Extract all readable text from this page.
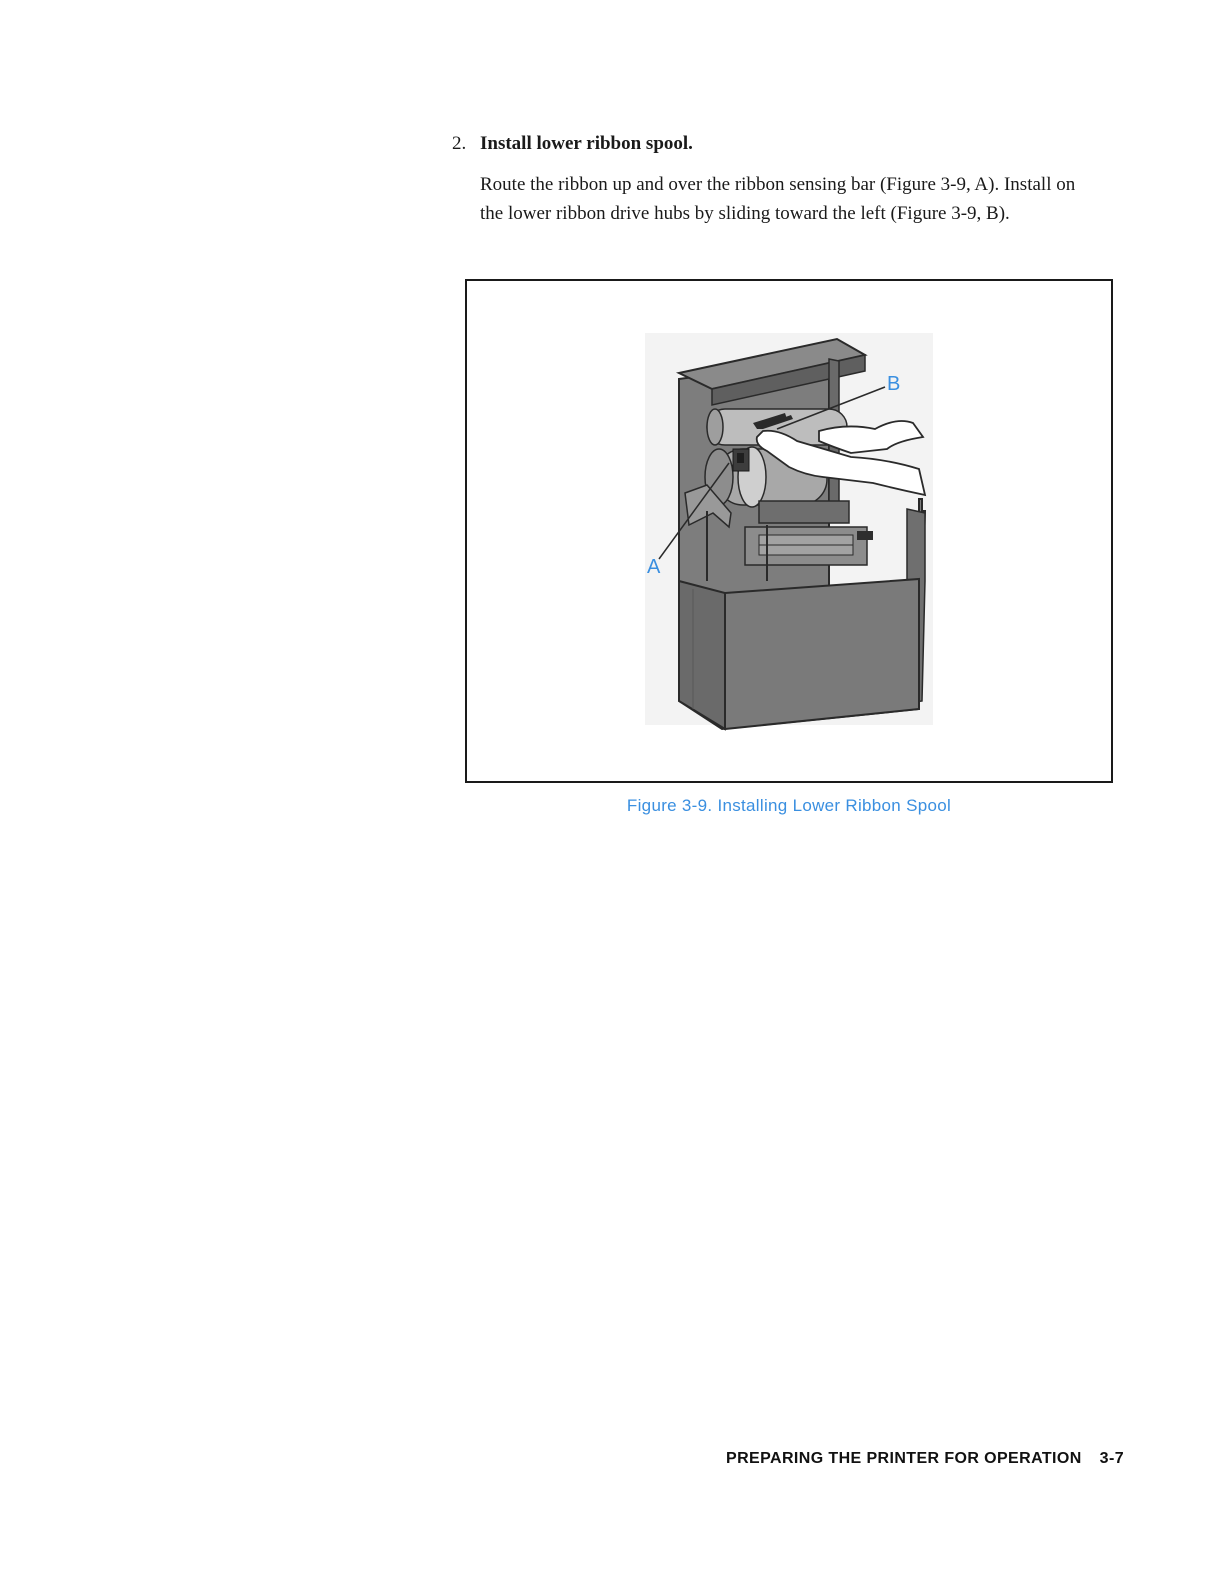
2. Install lower ribbon spool.

Route the ribbon up and over the ribbon sensing bar (Figure 3-9, A). Install on the lower ribbon drive hubs by sliding toward the left (Figure 3-9, B).

A
B
Figure 3-9. Installing Lower Ribbon Spool
PREPARING THE PRINTER FOR OPERATION 3-7
